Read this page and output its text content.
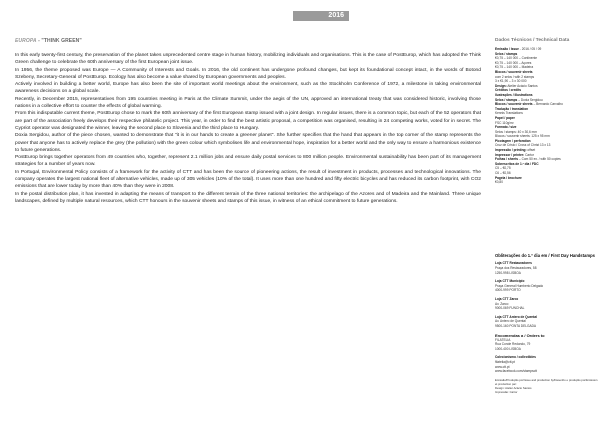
2016
EUROPA - "THINK GREEN"

In this early twenty-first century, the preservation of the planet takes unprecedented centre stage in human history, mobilizing individuals and organisations. This is the case of PostEurop, which has adopted the Think Green challenge to celebrate the 60th anniversary of the first European joint issue.

In 1956, the theme proposed was Europe — A Community of Interests and Goals. In 2016, the old continent has undergone profound changes, but kept its foundational concept intact, in the words of Botond Szebeny, Secretary-General of PostEurop. Ecology has also become a value shared by European governments and peoples.

Actively involved in building a better world, Europe has also been the site of important world meetings about the environment, such as the Stockholm Conference of 1972, a milestone in taking environmental awareness decisions on a global scale.

Recently, in December 2015, representatives from 195 countries meeting in Paris at the Climate Summit, under the aegis of the UN, approved an international treaty that was considered historic, involving those nations in a collective effort to counter the effects of global warming.

From this indisputable current theme, PostEurop chose to mark the 60th anniversary of the first European stamp issued with a joint design. In regular issues, there is a common topic, but each of the 52 operators that are part of the association freely develops their respective philatelic project. This year, in order to find the best artistic proposal, a competition was organised, resulting in 24 competing works, voted for in secret. The Cypriot operator was designated the winner, leaving the second place to Slovenia and the third place to Hungary.

Doxia Sergidou, author of the piece chosen, wanted to demonstrate that "it is in our hands to create a greener planet". She further specifies that the hand that appears in the top corner of the stamp represents the power that anyone has to actively replace the grey (the pollution) with the green colour which symbolises life and environmental hope, inspiration for a better world and the only way to ensure a harmonious existence to future generations.

PostEurop brings together operators from 49 countries who, together, represent 2.1 million jobs and ensure daily postal services to 800 million people. Environmental sustainability has been part of its management strategies for a number of years now.

In Portugal, Environmental Policy consists of a framework for the activity of CTT and has been the source of pioneering actions, the result of investment in products, processes and technological innovations. The company operates the largest national fleet of alternative vehicles, made up of 305 vehicles (10% of the total). It uses more than one hundred and fifty electric bicycles and has reduced its carbon footprint, with CO2 emissions that are lower today by more than 40% than they were in 2008.

In the postal distribution plan, it has invested in adapting the means of transport to the different terrain of the three national territories: the archipelago of the Azores and of Madeira and the Mainland. Three unique landscapes, defined by multiple natural resources, which CTT honours in the souvenir sheets and stamps of this issue, in witness of an ethical commitment to future generations.

Dados Técnicos / Technical Data
Emissão / Issue - 2016 / 05 / 09
Selos / stamps
€0,75 – 140 000 – Continente
€0,75 – 140 000 – Açores
€0,75 – 140 000 – Madeira
Blocos / souvenir sheets
com 2 selos / with 2 stamps
3 x €1,90 – 3 x 30 000
Design: Atelier Acácio Santos
Créditos / credits
Ilustrações / illustrations
Selos / stamps – Doxia Sergidou
Blocos / souvenir sheets – Bernardo Carvalho
Tradução / translation
Kennis Translations
Papel / paper
FSC 110g/m²
Formato / size
Selos / stamps: 40 x 30,6 mm
Blocos / souvenir sheets: 125 x 95 mm
Picotagem / perforation
Cruz de Cristo / Cross of Christ 13 x 13
Impressão / printing: offset
Impressor / printer: Cartor
Folhas / sheets – Com 50 ex. / with 50 copies
Sobrescritos de 1.º dia / FDC
C5 – €0,75
C6 – €0,56
Pagela / brochure
€0,80
Obliterações do 1.º dia em / First Day Handstamps
Loja CTT Restauradores
Praça dos Restauradores, 58
1250-998 LISBOA
Loja CTT Municipio
Praça General Humberto Delgado
4000-999 PORTO
Loja CTT Zarco
Av. Zarco
9000-069 FUNCHAL
Loja CTT Antero de Quental
Av. Antero de Quental
9500-160 PONTA DELGADA
Encomendas a / Orders to
FILATELIA
Rua Conde Redondo, 79
1000-400 LISBOA
Colecionismo / collectibles
filatelia@ctt.pt
www.ctt.pt
www.facebook.com/stampsctt
Emissão/Produção por/Issue and production by/Desenho e produção por/Emission et production par:
Design: Atelier Acácio Santos
Impressão: Cartor
